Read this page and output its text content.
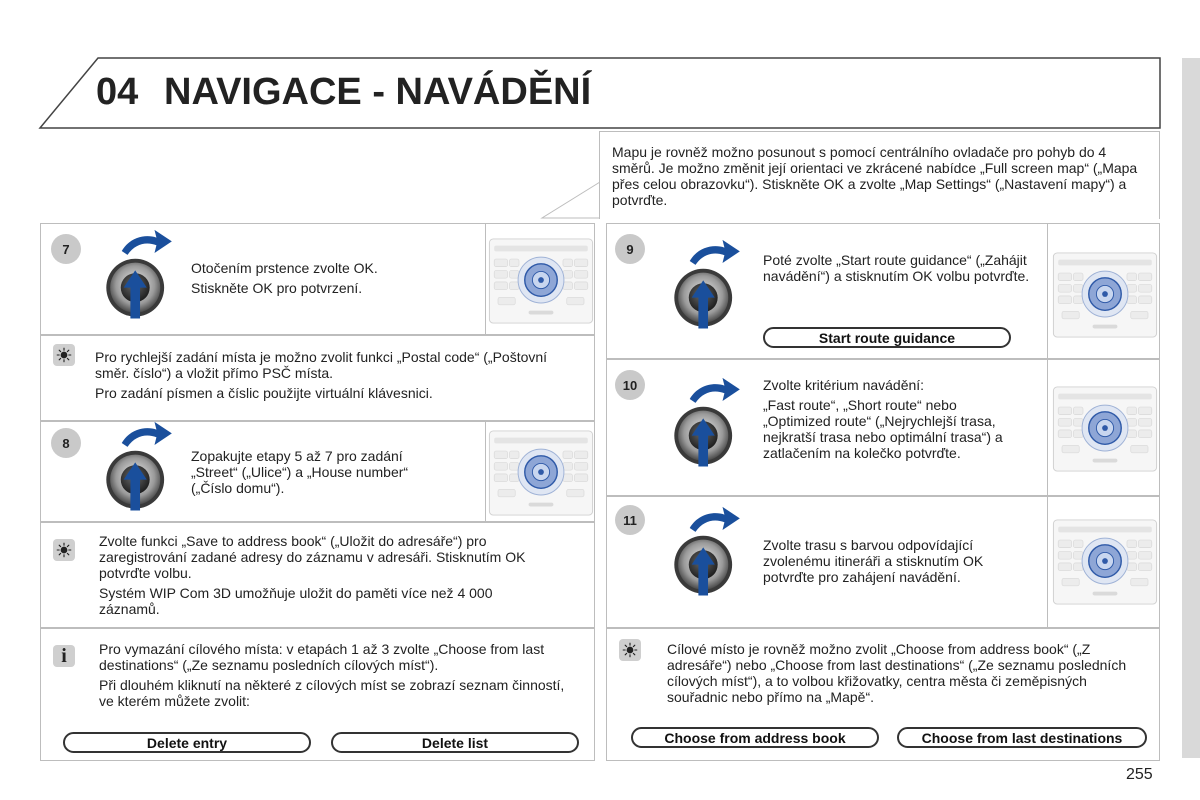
04 NAVIGACE - NAVÁDĚNÍ
Mapu je rovněž možno posunout s pomocí centrálního ovladače pro pohyb do 4 směrů. Je možno změnit její orientaci ve zkrácené nabídce „Full screen map“ („Mapa přes celou obrazovku“). Stiskněte OK a zvolte „Map Settings“ („Nastavení mapy“) a potvrďte.
7

Otočením prstence zvolte OK.

Stiskněte OK pro potvrzení.

Pro rychlejší zadání místa je možno zvolit funkci „Postal code“ („Poštovní směr. číslo“) a vložit přímo PSČ místa.

Pro zadání písmen a číslic použijte virtuální klávesnici.

8
Zopakujte etapy 5 až 7 pro zadání „Street“ („Ulice“) a „House number“ („Číslo domu“).

Zvolte funkci „Save to address book“ („Uložit do adresáře“) pro zaregistrování zadané adresy do záznamu v adresáři. Stisknutím OK potvrďte volbu.

Systém WIP Com 3D umožňuje uložit do paměti více než 4 000 záznamů.

i Pro vymazání cílového místa: v etapách 1 až 3 zvolte „Choose from last destinations“ („Ze seznamu posledních cílových míst“).

Při dlouhém kliknutí na některé z cílových míst se zobrazí seznam činností, ve kterém můžete zvolit:

Delete entry	Delete list
9
Poté zvolte „Start route guidance“ („Zahájit navádění“) a stisknutím OK volbu potvrďte.
Start route guidance
10	Zvolte kritérium navádění:

„Fast route“, „Short route“ nebo „Optimized route“ („Nejrychlejší trasa, nejkratší trasa nebo optimální trasa“) a zatlačením na kolečko potvrďte.

11
Zvolte trasu s barvou odpovídající zvolenému itineráři a stisknutím OK potvrďte pro zahájení navádění.
Cílové místo je rovněž možno zvolit „Choose from address book“ („Z adresáře“) nebo „Choose from last destinations“ („Ze seznamu posledních cílových míst“), a to volbou křižovatky, centra města či zeměpisných souřadnic nebo přímo na „Mapě“.
Choose from address book	Choose from last destinations
255
